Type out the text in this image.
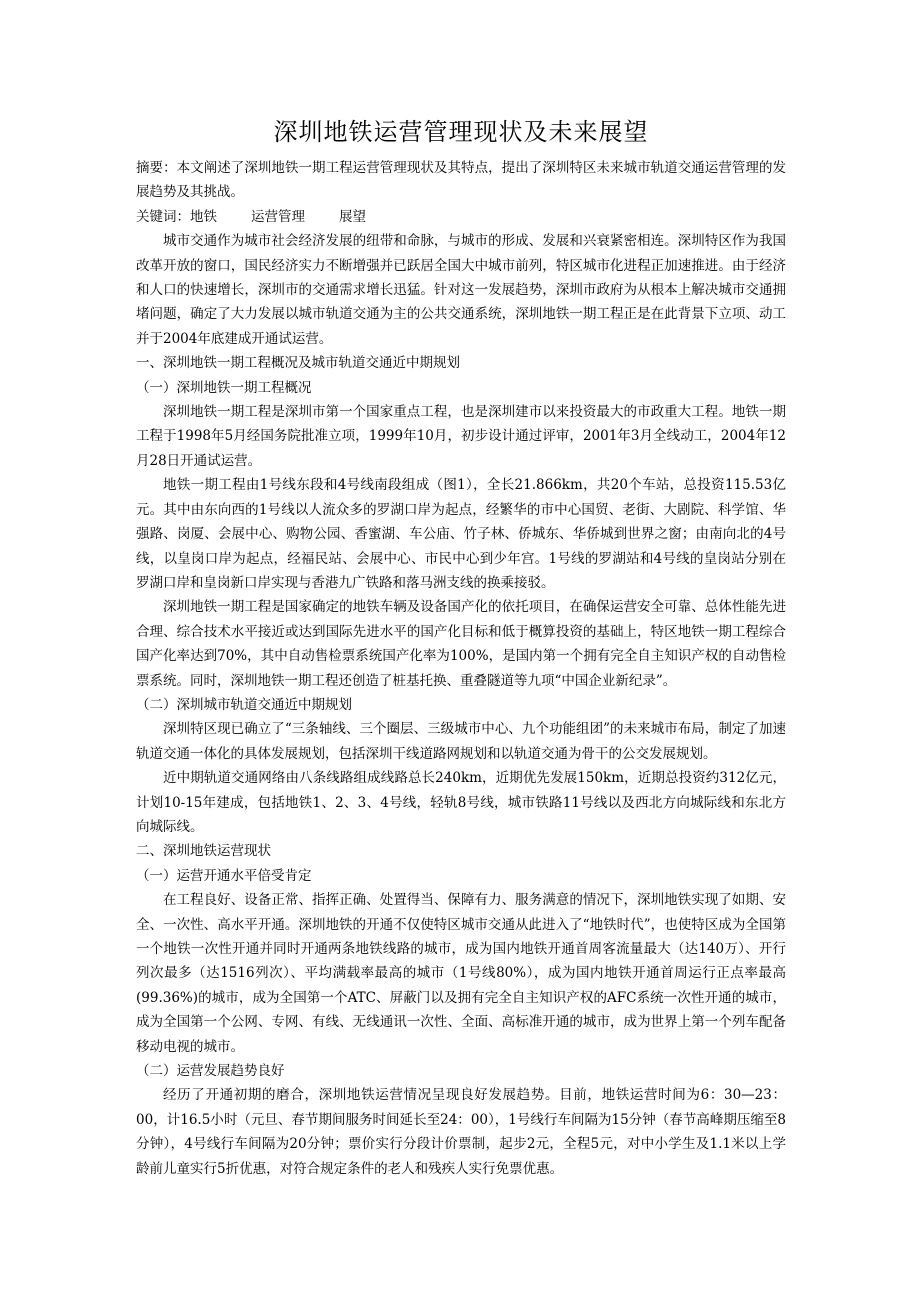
深圳地铁运营管理现状及未来展望

摘要：本文阐述了深圳地铁一期工程运营管理现状及其特点，提出了深圳特区未来城市轨道交通运营管理的发展趋势及其挑战。

关键词：地铁	运营管理	展望

城市交通作为城市社会经济发展的纽带和命脉，与城市的形成、发展和兴衰紧密相连。深圳特区作为我国改革开放的窗口，国民经济实力不断增强并已跃居全国大中城市前列，特区城市化进程正加速推进。由于经济和人口的快速增长，深圳市的交通需求增长迅猛。针对这一发展趋势，深圳市政府为从根本上解决城市交通拥堵问题，确定了大力发展以城市轨道交通为主的公共交通系统，深圳地铁一期工程正是在此背景下立项、动工并于2004年底建成开通试运营。

一、深圳地铁一期工程概况及城市轨道交通近中期规划

（一）深圳地铁一期工程概况

深圳地铁一期工程是深圳市第一个国家重点工程，也是深圳建市以来投资最大的市政重大工程。地铁一期工程于1998年5月经国务院批准立项，1999年10月，初步设计通过评审，2001年3月全线动工，2004年12月28日开通试运营。

地铁一期工程由1号线东段和4号线南段组成（图1），全长21.866km，共20个车站，总投资115.53亿元。其中由东向西的1号线以人流众多的罗湖口岸为起点，经繁华的市中心国贸、老街、大剧院、科学馆、华强路、岗厦、会展中心、购物公园、香蜜湖、车公庙、竹子林、侨城东、华侨城到世界之窗；由南向北的4号线，以皇岗口岸为起点，经福民站、会展中心、市民中心到少年宫。1号线的罗湖站和4号线的皇岗站分别在罗湖口岸和皇岗新口岸实现与香港九广铁路和落马洲支线的换乘接驳。

深圳地铁一期工程是国家确定的地铁车辆及设备国产化的依托项目，在确保运营安全可靠、总体性能先进合理、综合技术水平接近或达到国际先进水平的国产化目标和低于概算投资的基础上，特区地铁一期工程综合国产化率达到70%，其中自动售检票系统国产化率为100%，是国内第一个拥有完全自主知识产权的自动售检票系统。同时，深圳地铁一期工程还创造了桩基托换、重叠隧道等九项“中国企业新纪录”。

（二）深圳城市轨道交通近中期规划

深圳特区现已确立了“三条轴线、三个圈层、三级城市中心、九个功能组团”的未来城市布局，制定了加速轨道交通一体化的具体发展规划，包括深圳干线道路网规划和以轨道交通为骨干的公交发展规划。

近中期轨道交通网络由八条线路组成线路总长240km，近期优先发展150km，近期总投资约312亿元，计划10-15年建成，包括地铁1、2、3、4号线，轻轨8号线，城市铁路11号线以及西北方向城际线和东北方向城际线。

二、深圳地铁运营现状

（一）运营开通水平倍受肯定

在工程良好、设备正常、指挥正确、处置得当、保障有力、服务满意的情况下，深圳地铁实现了如期、安全、一次性、高水平开通。深圳地铁的开通不仅使特区城市交通从此进入了“地铁时代”，也使特区成为全国第一个地铁一次性开通并同时开通两条地铁线路的城市，成为国内地铁开通首周客流量最大（达140万）、开行列次最多（达1516列次）、平均满载率最高的城市（1号线80%），成为国内地铁开通首周运行正点率最高(99.36%)的城市，成为全国第一个ATC、屏蔽门以及拥有完全自主知识产权的AFC系统一次性开通的城市，成为全国第一个公网、专网、有线、无线通讯一次性、全面、高标准开通的城市，成为世界上第一个列车配备移动电视的城市。

（二）运营发展趋势良好

经历了开通初期的磨合，深圳地铁运营情况呈现良好发展趋势。目前，地铁运营时间为6：30—23：00，计16.5小时（元旦、春节期间服务时间延长至24：00），1号线行车间隔为15分钟（春节高峰期压缩至8分钟），4号线行车间隔为20分钟；票价实行分段计价票制，起步2元，全程5元，对中小学生及1.1米以上学龄前儿童实行5折优惠，对符合规定条件的老人和残疾人实行免票优惠。
